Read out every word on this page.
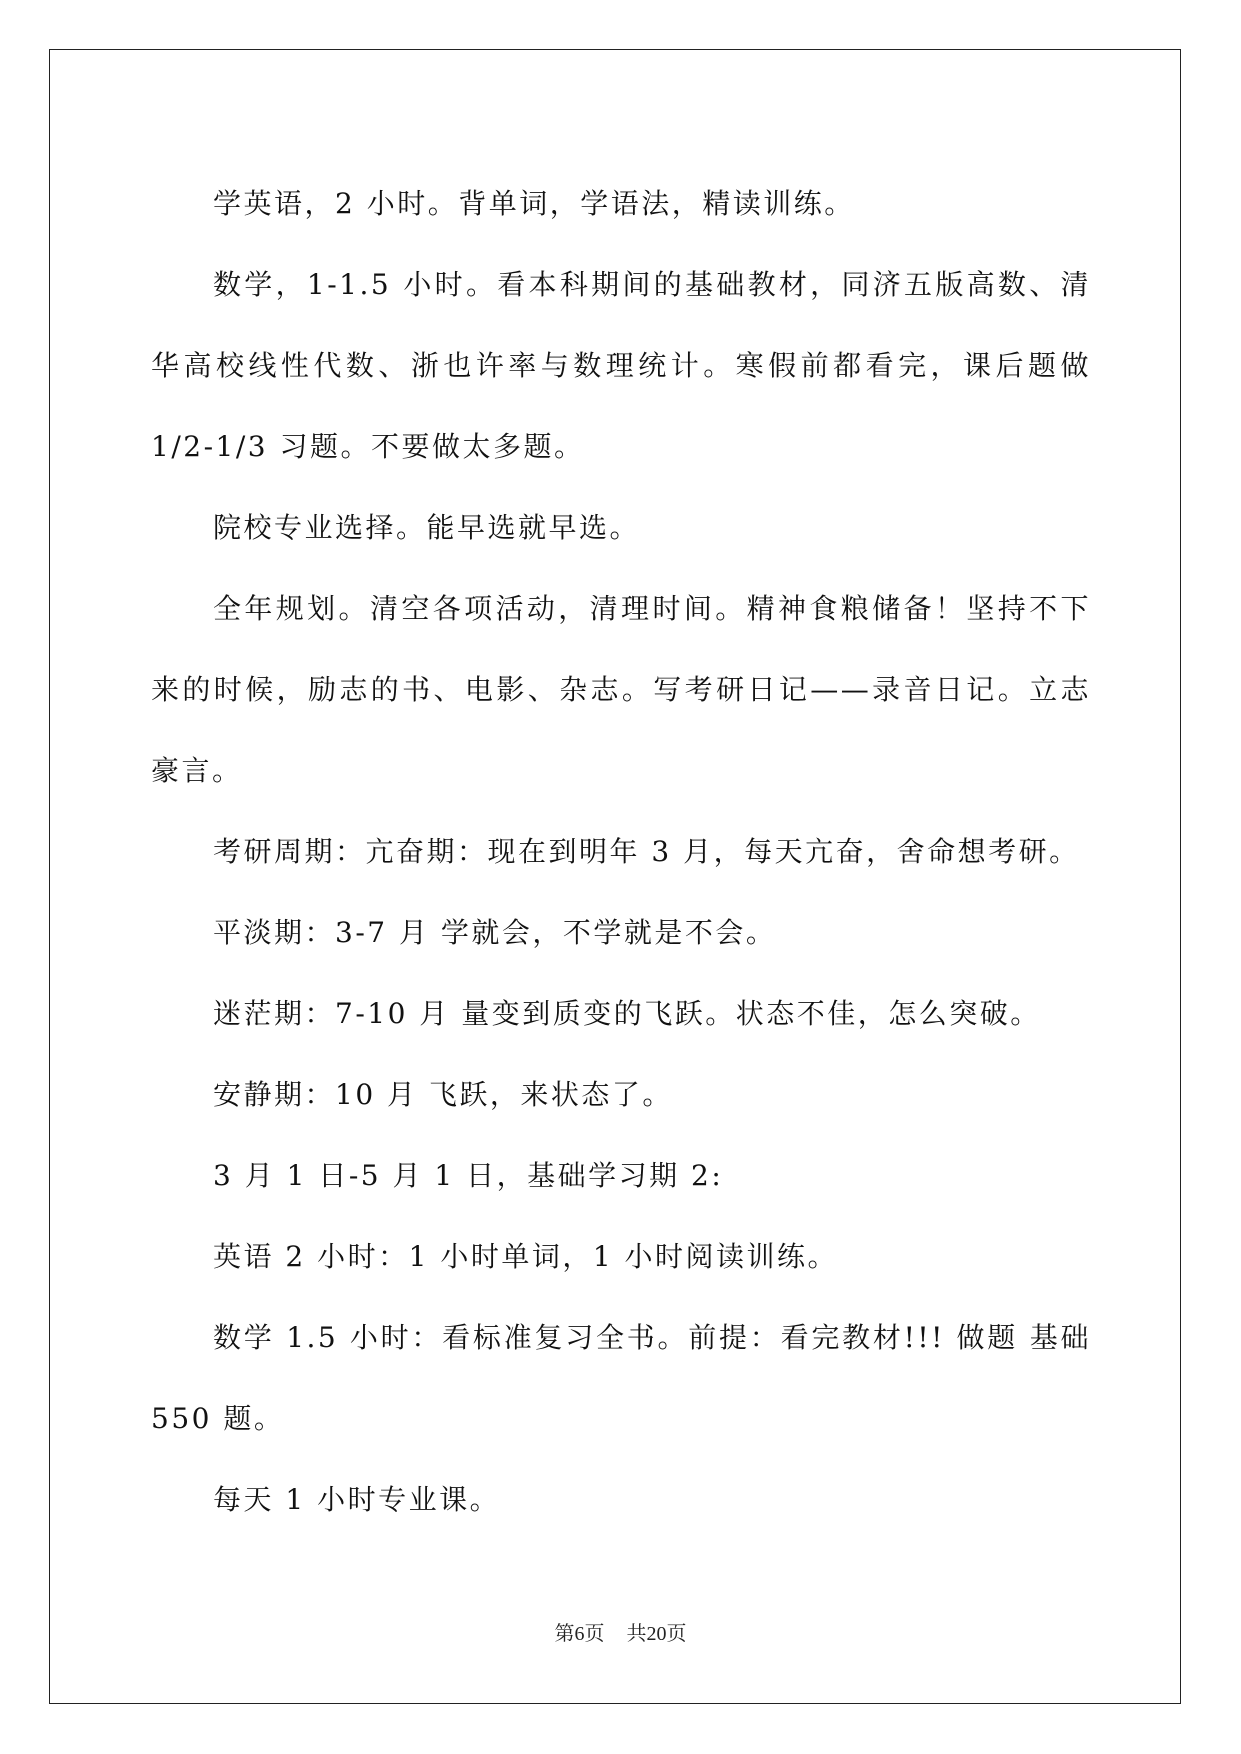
学英语，2 小时。背单词，学语法，精读训练。

数学，1-1.5 小时。看本科期间的基础教材，同济五版高数、清华高校线性代数、浙也许率与数理统计。寒假前都看完，课后题做 1/2-1/3 习题。不要做太多题。

院校专业选择。能早选就早选。

全年规划。清空各项活动，清理时间。精神食粮储备！坚持不下来的时候，励志的书、电影、杂志。写考研日记——录音日记。立志豪言。

考研周期：亢奋期：现在到明年 3 月，每天亢奋，舍命想考研。

平淡期：3-7 月 学就会，不学就是不会。

迷茫期：7-10 月 量变到质变的飞跃。状态不佳，怎么突破。

安静期：10 月 飞跃，来状态了。

3 月 1 日-5 月 1 日，基础学习期 2:

英语 2 小时：1 小时单词，1 小时阅读训练。

数学 1.5 小时：看标准复习全书。前提：看完教材!!! 做题 基础 550 题。

每天 1 小时专业课。

第6页 共20页
